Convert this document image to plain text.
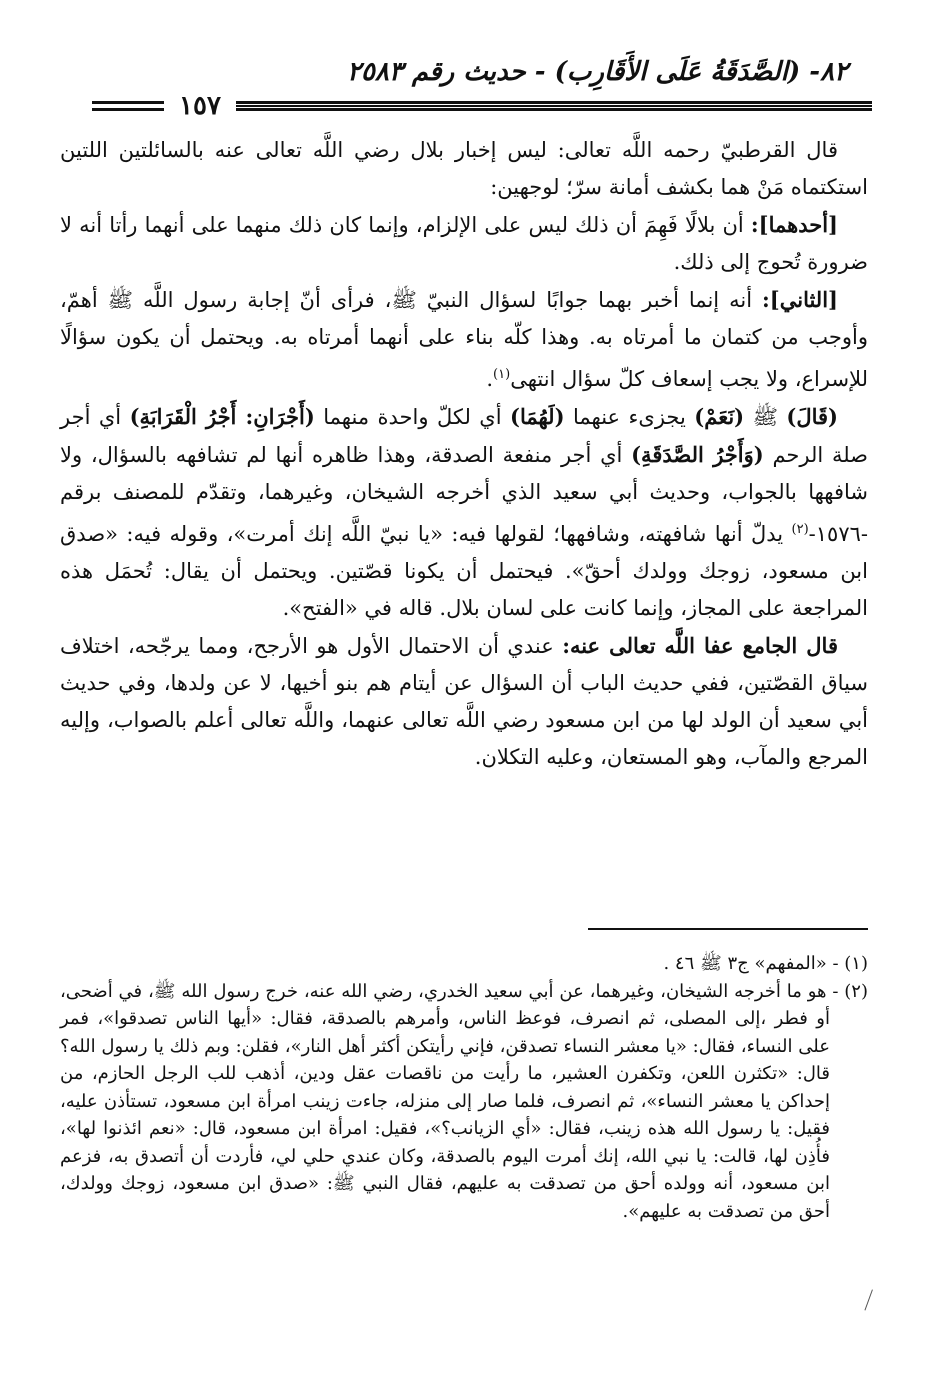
٨٢- (الصَّدَقَةُ عَلَى الأَقَارِب) - حديث رقم ٢٥٨٣
١٥٧

قال القرطبيّ رحمه اللَّه تعالى: ليس إخبار بلال رضي اللَّه تعالى عنه بالسائلتين اللتين استكتماه مَنْ هما بكشف أمانة سرّ؛ لوجهين:

[أحدهما]: أن بلالًا فَهِمَ أن ذلك ليس على الإلزام، وإنما كان ذلك منهما على أنهما رأتا أنه لا ضرورة تُحوج إلى ذلك.

[الثاني]: أنه إنما أخبر بهما جوابًا لسؤال النبيّ ﷺ، فرأى أنّ إجابة رسول اللَّه ﷺ أهمّ، وأوجب من كتمان ما أمرتاه به. وهذا كلّه بناء على أنهما أمرتاه به. ويحتمل أن يكون سؤالًا للإسراع، ولا يجب إسعاف كلّ سؤال انتهى$^{(١)}$.

(قَالَ) ﷺ (نَعَمْ) يجزىء عنهما (لَهُمَا) أي لكلّ واحدة منهما (أَجْرَانِ: أَجْرُ الْقَرَابَةِ) أي أجر صلة الرحم (وَأَجْرُ الصَّدَقَةِ) أي أجر منفعة الصدقة، وهذا ظاهره أنها لم تشافهه بالسؤال، ولا شافهها بالجواب، وحديث أبي سعيد الذي أخرجه الشيخان، وغيرهما، وتقدّم للمصنف برقم -١٥٧٦-$^{(٢)}$ يدلّ أنها شافهته، وشافهها؛ لقولها فيه: «يا نبيّ اللَّه إنك أمرت»، وقوله فيه: «صدق ابن مسعود، زوجك وولدك أحقّ». فيحتمل أن يكونا قصّتين. ويحتمل أن يقال: تُحمَل هذه المراجعة على المجاز، وإنما كانت على لسان بلال. قاله في «الفتح».

قال الجامع عفا اللَّه تعالى عنه: عندي أن الاحتمال الأول هو الأرجح، ومما يرجّحه، اختلاف سياق القصّتين، ففي حديث الباب أن السؤال عن أيتام هم بنو أخيها، لا عن ولدها، وفي حديث أبي سعيد أن الولد لها من ابن مسعود رضي اللَّه تعالى عنهما، واللَّه تعالى أعلم بالصواب، وإليه المرجع والمآب، وهو المستعان، وعليه التكلان.

(١) - «المفهم» ج٣ ﷺ ٤٦ .

(٢) - هو ما أخرجه الشيخان، وغيرهما، عن أبي سعيد الخدري، رضي الله عنه، خرج رسول الله ﷺ، في أضحى، أو فطر ،إلى المصلى، ثم انصرف، فوعظ الناس، وأمرهم بالصدقة، فقال: «أيها الناس تصدقوا»، فمر على النساء، فقال: «يا معشر النساء تصدقن، فإني رأيتكن أكثر أهل النار»، فقلن: وبم ذلك يا رسول الله؟ قال: «تكثرن اللعن، وتكفرن العشير، ما رأيت من ناقصات عقل ودين، أذهب للب الرجل الحازم، من إحداكن يا معشر النساء»، ثم انصرف، فلما صار إلى منزله، جاءت زينب امرأة ابن مسعود، تستأذن عليه، فقيل: يا رسول الله هذه زينب، فقال: «أي الزيانب؟»، فقيل: امرأة ابن مسعود، قال: «نعم ائذنوا لها»، فأُذِن لها، قالت: يا نبي الله، إنك أمرت اليوم بالصدقة، وكان عندي حلي لي، فأردت أن أتصدق به، فزعم ابن مسعود، أنه وولده أحق من تصدقت به عليهم، فقال النبي ﷺ: «صدق ابن مسعود، زوجك وولدك، أحق من تصدقت به عليهم».
